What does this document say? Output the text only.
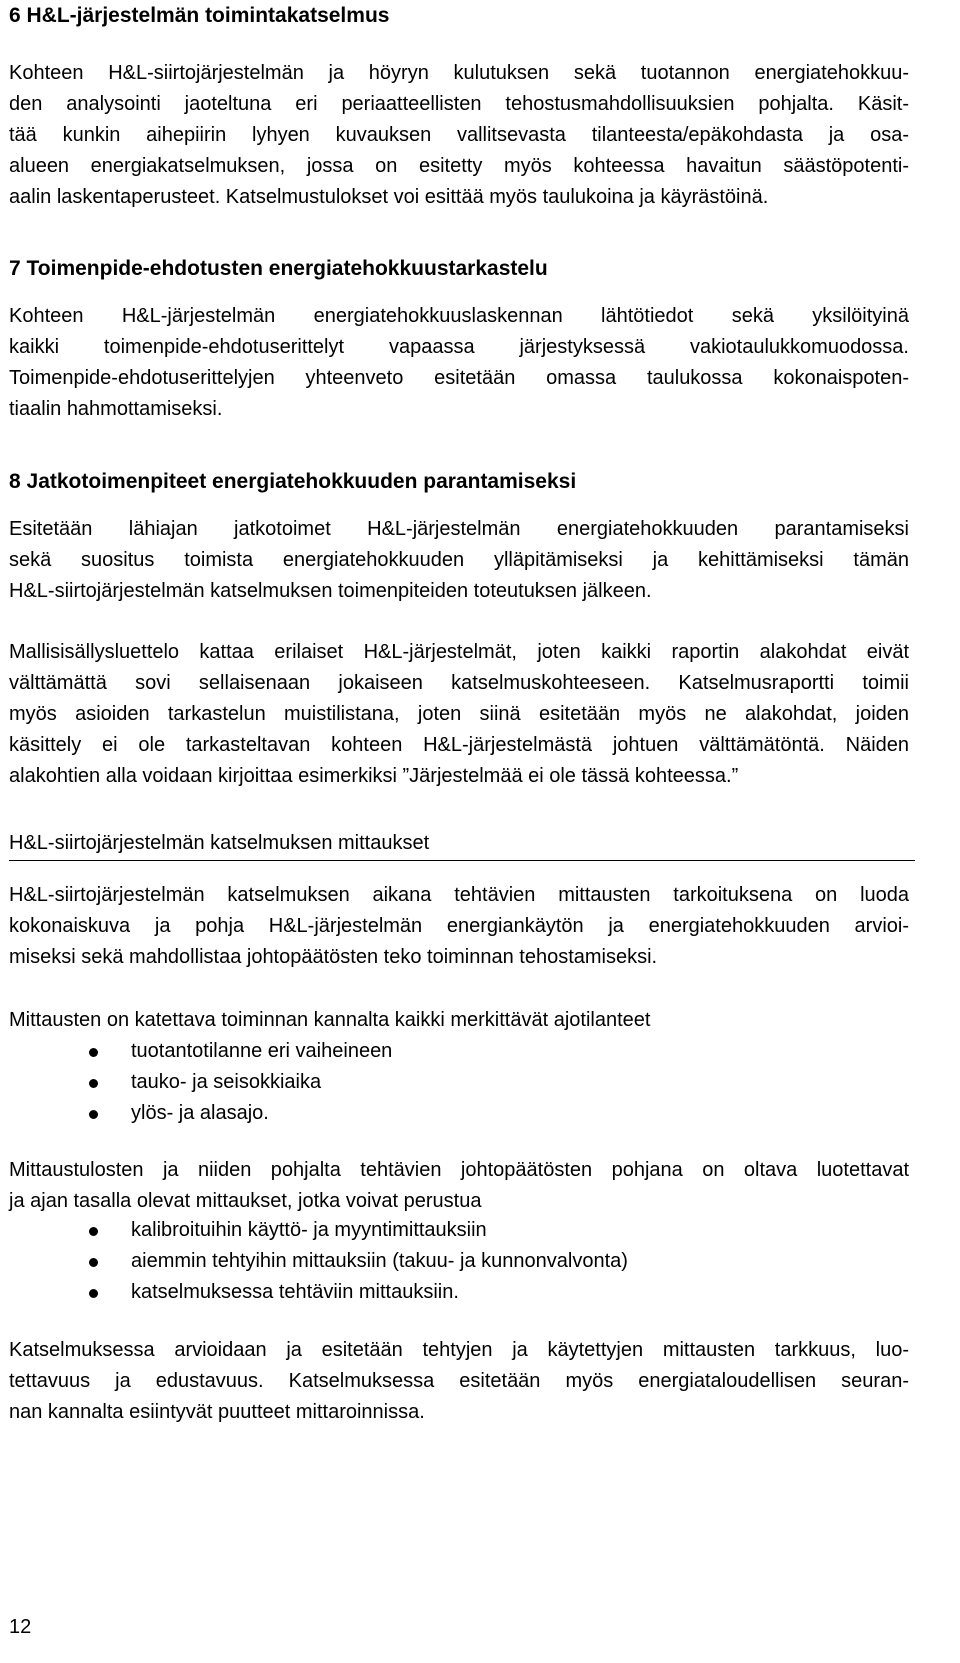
6 H&L-järjestelmän toimintakatselmus
Kohteen H&L-siirtojärjestelmän ja höyryn kulutuksen sekä tuotannon energiatehokkuu-
den analysointi jaoteltuna eri periaatteellisten tehostusmahdollisuuksien pohjalta. Käsit-
tää kunkin aihepiirin lyhyen kuvauksen vallitsevasta tilanteesta/epäkohdasta ja osa-
alueen energiakatselmuksen, jossa on esitetty myös kohteessa havaitun säästöpotenti-
aalin laskentaperusteet. Katselmustulokset voi esittää myös taulukoina ja käyrästöinä.
7 Toimenpide-ehdotusten energiatehokkuustarkastelu
Kohteen H&L-järjestelmän energiatehokkuuslaskennan lähtötiedot sekä yksilöityinä
kaikki toimenpide-ehdotuserittelyt vapaassa järjestyksessä vakiotaulukkomuodossa.
Toimenpide-ehdotuserittelyjen yhteenveto esitetään omassa taulukossa kokonaispoten-
tiaalin hahmottamiseksi.
8 Jatkotoimenpiteet energiatehokkuuden parantamiseksi
Esitetään lähiajan jatkotoimet H&L-järjestelmän energiatehokkuuden parantamiseksi
sekä suositus toimista energiatehokkuuden ylläpitämiseksi ja kehittämiseksi tämän
H&L-siirtojärjestelmän katselmuksen toimenpiteiden toteutuksen jälkeen.
Mallisisällysluettelo kattaa erilaiset H&L-järjestelmät, joten kaikki raportin alakohdat eivät
välttämättä sovi sellaisenaan jokaiseen katselmuskohteeseen. Katselmusraportti toimii
myös asioiden tarkastelun muistilistana, joten siinä esitetään myös ne alakohdat, joiden
käsittely ei ole tarkasteltavan kohteen H&L-järjestelmästä johtuen välttämätöntä. Näiden
alakohtien alla voidaan kirjoittaa esimerkiksi ”Järjestelmää ei ole tässä kohteessa.”
H&L-siirtojärjestelmän katselmuksen mittaukset
H&L-siirtojärjestelmän katselmuksen aikana tehtävien mittausten tarkoituksena on luoda
kokonaiskuva ja pohja H&L-järjestelmän energiankäytön ja energiatehokkuuden arvioi-
miseksi sekä mahdollistaa johtopäätösten teko toiminnan tehostamiseksi.
Mittausten on katettava toiminnan kannalta kaikki merkittävät ajotilanteet
tuotantotilanne eri vaiheineen
tauko- ja seisokkiaika
ylös- ja alasajo.
Mittaustulosten ja niiden pohjalta tehtävien johtopäätösten pohjana on oltava luotettavat
ja ajan tasalla olevat mittaukset, jotka voivat perustua
kalibroituihin käyttö- ja myyntimittauksiin
aiemmin tehtyihin mittauksiin (takuu- ja kunnonvalvonta)
katselmuksessa tehtäviin mittauksiin.
Katselmuksessa arvioidaan ja esitetään tehtyjen ja käytettyjen mittausten tarkkuus, luo-
tettavuus ja edustavuus. Katselmuksessa esitetään myös energiataloudellisen seuran-
nan kannalta esiintyvät puutteet mittaroinnissa.
12
